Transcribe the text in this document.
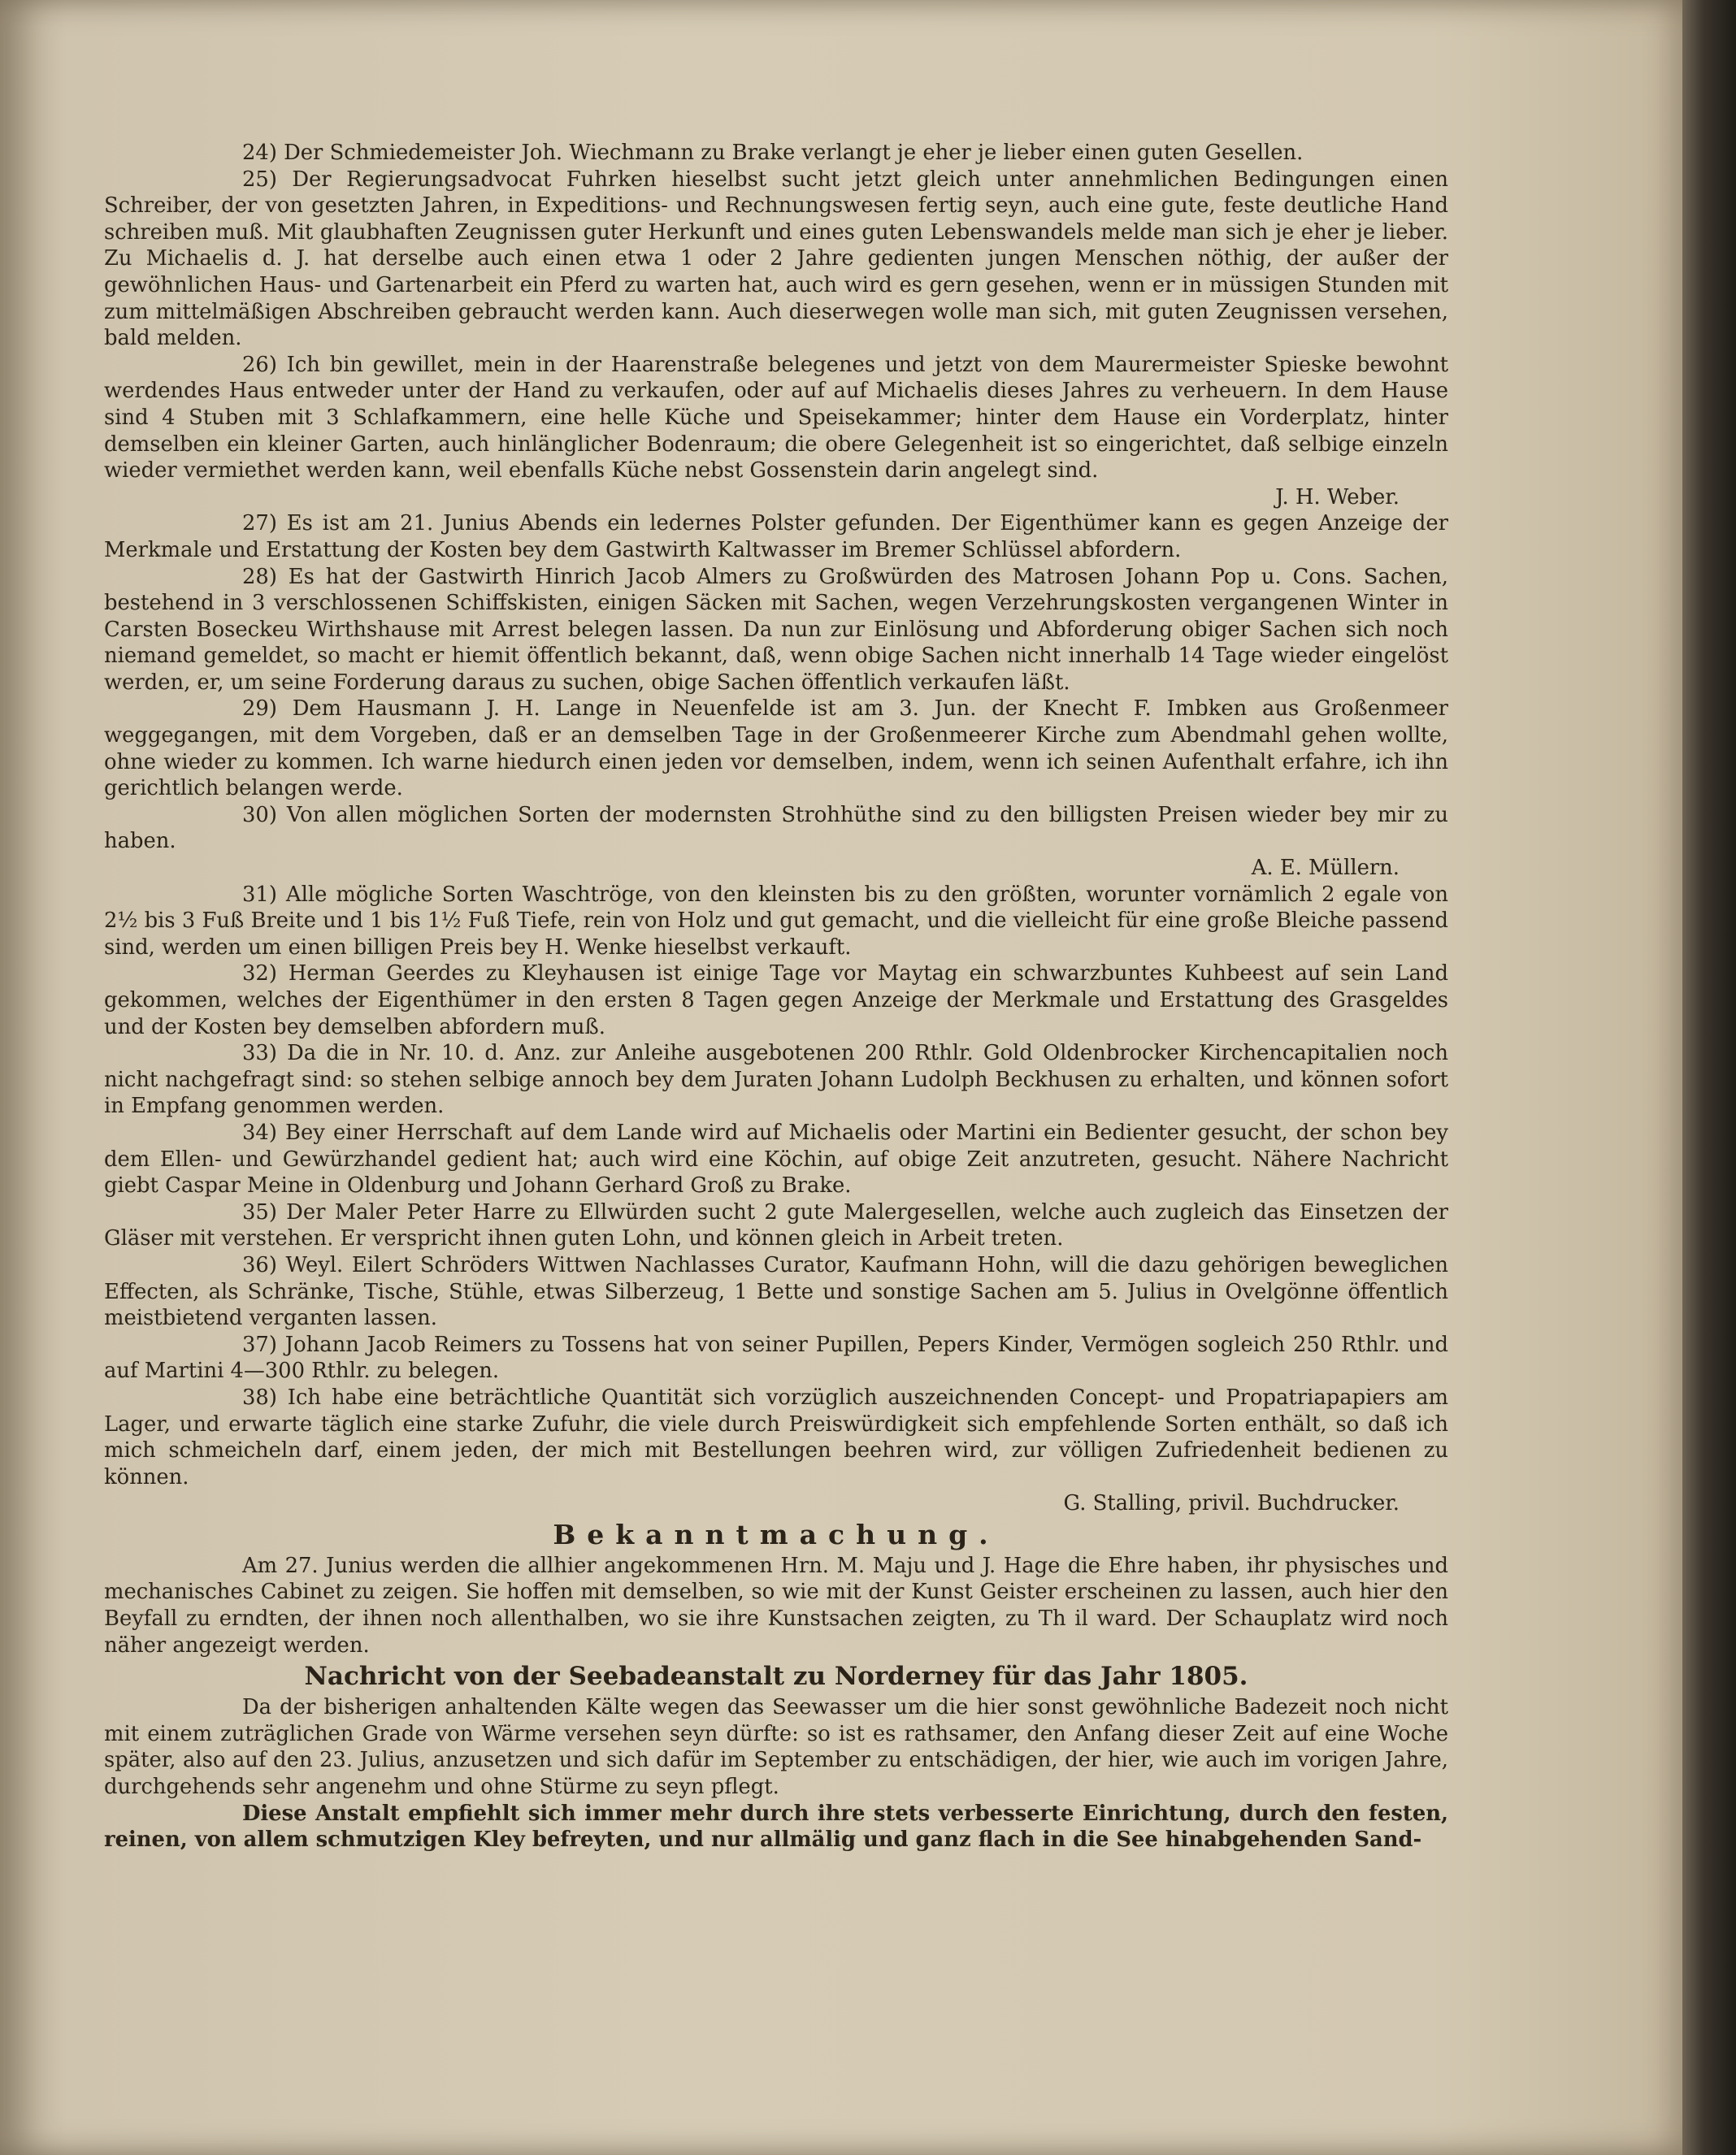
24) Der Schmiedemeister Joh. Wiechmann zu Brake verlangt je eher je lieber einen guten Gesellen.

25) Der Regierungsadvocat Fuhrken hieselbst sucht jetzt gleich unter annehmlichen Bedingungen einen Schreiber, der von gesetzten Jahren, in Expeditions- und Rechnungswesen fertig seyn, auch eine gute, feste deutliche Hand schreiben muß. Mit glaubhaften Zeugnissen guter Herkunft und eines guten Lebenswandels melde man sich je eher je lieber. Zu Michaelis d. J. hat derselbe auch einen etwa 1 oder 2 Jahre gedienten jungen Menschen nöthig, der außer der gewöhnlichen Haus- und Gartenarbeit ein Pferd zu warten hat, auch wird es gern gesehen, wenn er in müssigen Stunden mit zum mittelmäßigen Abschreiben gebraucht werden kann. Auch dieserwegen wolle man sich, mit guten Zeugnissen versehen, bald melden.

26) Ich bin gewillet, mein in der Haarenstraße belegenes und jetzt von dem Maurermeister Spieske bewohnt werdendes Haus entweder unter der Hand zu verkaufen, oder auf auf Michaelis dieses Jahres zu verheuern. In dem Hause sind 4 Stuben mit 3 Schlafkammern, eine helle Küche und Speisekammer; hinter dem Hause ein Vorderplatz, hinter demselben ein kleiner Garten, auch hinlänglicher Bodenraum; die obere Gelegenheit ist so eingerichtet, daß selbige einzeln wieder vermiethet werden kann, weil ebenfalls Küche nebst Gossenstein darin angelegt sind.

J. H. Weber.

27) Es ist am 21. Junius Abends ein ledernes Polster gefunden. Der Eigenthümer kann es gegen Anzeige der Merkmale und Erstattung der Kosten bey dem Gastwirth Kaltwasser im Bremer Schlüssel abfordern.

28) Es hat der Gastwirth Hinrich Jacob Almers zu Großwürden des Matrosen Johann Pop u. Cons. Sachen, bestehend in 3 verschlossenen Schiffskisten, einigen Säcken mit Sachen, wegen Verzehrungskosten vergangenen Winter in Carsten Boseckeu Wirthshause mit Arrest belegen lassen. Da nun zur Einlösung und Abforderung obiger Sachen sich noch niemand gemeldet, so macht er hiemit öffentlich bekannt, daß, wenn obige Sachen nicht innerhalb 14 Tage wieder eingelöst werden, er, um seine Forderung daraus zu suchen, obige Sachen öffentlich verkaufen läßt.

29) Dem Hausmann J. H. Lange in Neuenfelde ist am 3. Jun. der Knecht F. Imbken aus Großenmeer weggegangen, mit dem Vorgeben, daß er an demselben Tage in der Großenmeerer Kirche zum Abendmahl gehen wollte, ohne wieder zu kommen. Ich warne hiedurch einen jeden vor demselben, indem, wenn ich seinen Aufenthalt erfahre, ich ihn gerichtlich belangen werde.

30) Von allen möglichen Sorten der modernsten Strohhüthe sind zu den billigsten Preisen wieder bey mir zu haben.

A. E. Müllern.

31) Alle mögliche Sorten Waschtröge, von den kleinsten bis zu den größten, worunter vornämlich 2 egale von 2½ bis 3 Fuß Breite und 1 bis 1½ Fuß Tiefe, rein von Holz und gut gemacht, und die vielleicht für eine große Bleiche passend sind, werden um einen billigen Preis bey H. Wenke hieselbst verkauft.

32) Herman Geerdes zu Kleyhausen ist einige Tage vor Maytag ein schwarzbuntes Kuhbeest auf sein Land gekommen, welches der Eigenthümer in den ersten 8 Tagen gegen Anzeige der Merkmale und Erstattung des Grasgeldes und der Kosten bey demselben abfordern muß.

33) Da die in Nr. 10. d. Anz. zur Anleihe ausgebotenen 200 Rthlr. Gold Oldenbrocker Kirchencapitalien noch nicht nachgefragt sind: so stehen selbige annoch bey dem Juraten Johann Ludolph Beckhusen zu erhalten, und können sofort in Empfang genommen werden.

34) Bey einer Herrschaft auf dem Lande wird auf Michaelis oder Martini ein Bedienter gesucht, der schon bey dem Ellen- und Gewürzhandel gedient hat; auch wird eine Köchin, auf obige Zeit anzutreten, gesucht. Nähere Nachricht giebt Caspar Meine in Oldenburg und Johann Gerhard Groß zu Brake.

35) Der Maler Peter Harre zu Ellwürden sucht 2 gute Malergesellen, welche auch zugleich das Einsetzen der Gläser mit verstehen. Er verspricht ihnen guten Lohn, und können gleich in Arbeit treten.

36) Weyl. Eilert Schröders Wittwen Nachlasses Curator, Kaufmann Hohn, will die dazu gehörigen beweglichen Effecten, als Schränke, Tische, Stühle, etwas Silberzeug, 1 Bette und sonstige Sachen am 5. Julius in Ovelgönne öffentlich meistbietend verganten lassen.

37) Johann Jacob Reimers zu Tossens hat von seiner Pupillen, Pepers Kinder, Vermögen sogleich 250 Rthlr. und auf Martini 4—300 Rthlr. zu belegen.

38) Ich habe eine beträchtliche Quantität sich vorzüglich auszeichnenden Concept- und Propatriapapiers am Lager, und erwarte täglich eine starke Zufuhr, die viele durch Preiswürdigkeit sich empfehlende Sorten enthält, so daß ich mich schmeicheln darf, einem jeden, der mich mit Bestellungen beehren wird, zur völligen Zufriedenheit bedienen zu können.

G. Stalling, privil. Buchdrucker.

Bekanntmachung.

Am 27. Junius werden die allhier angekommenen Hrn. M. Maju und J. Hage die Ehre haben, ihr physisches und mechanisches Cabinet zu zeigen. Sie hoffen mit demselben, so wie mit der Kunst Geister erscheinen zu lassen, auch hier den Beyfall zu erndten, der ihnen noch allenthalben, wo sie ihre Kunstsachen zeigten, zu Th il ward. Der Schauplatz wird noch näher angezeigt werden.

Nachricht von der Seebadeanstalt zu Norderney für das Jahr 1805.

Da der bisherigen anhaltenden Kälte wegen das Seewasser um die hier sonst gewöhnliche Badezeit noch nicht mit einem zuträglichen Grade von Wärme versehen seyn dürfte: so ist es rathsamer, den Anfang dieser Zeit auf eine Woche später, also auf den 23. Julius, anzusetzen und sich dafür im September zu entschädigen, der hier, wie auch im vorigen Jahre, durchgehends sehr angenehm und ohne Stürme zu seyn pflegt.

Diese Anstalt empfiehlt sich immer mehr durch ihre stets verbesserte Einrichtung, durch den festen, reinen, von allem schmutzigen Kley befreyten, und nur allmälig und ganz flach in die See hinabgehenden Sand-
